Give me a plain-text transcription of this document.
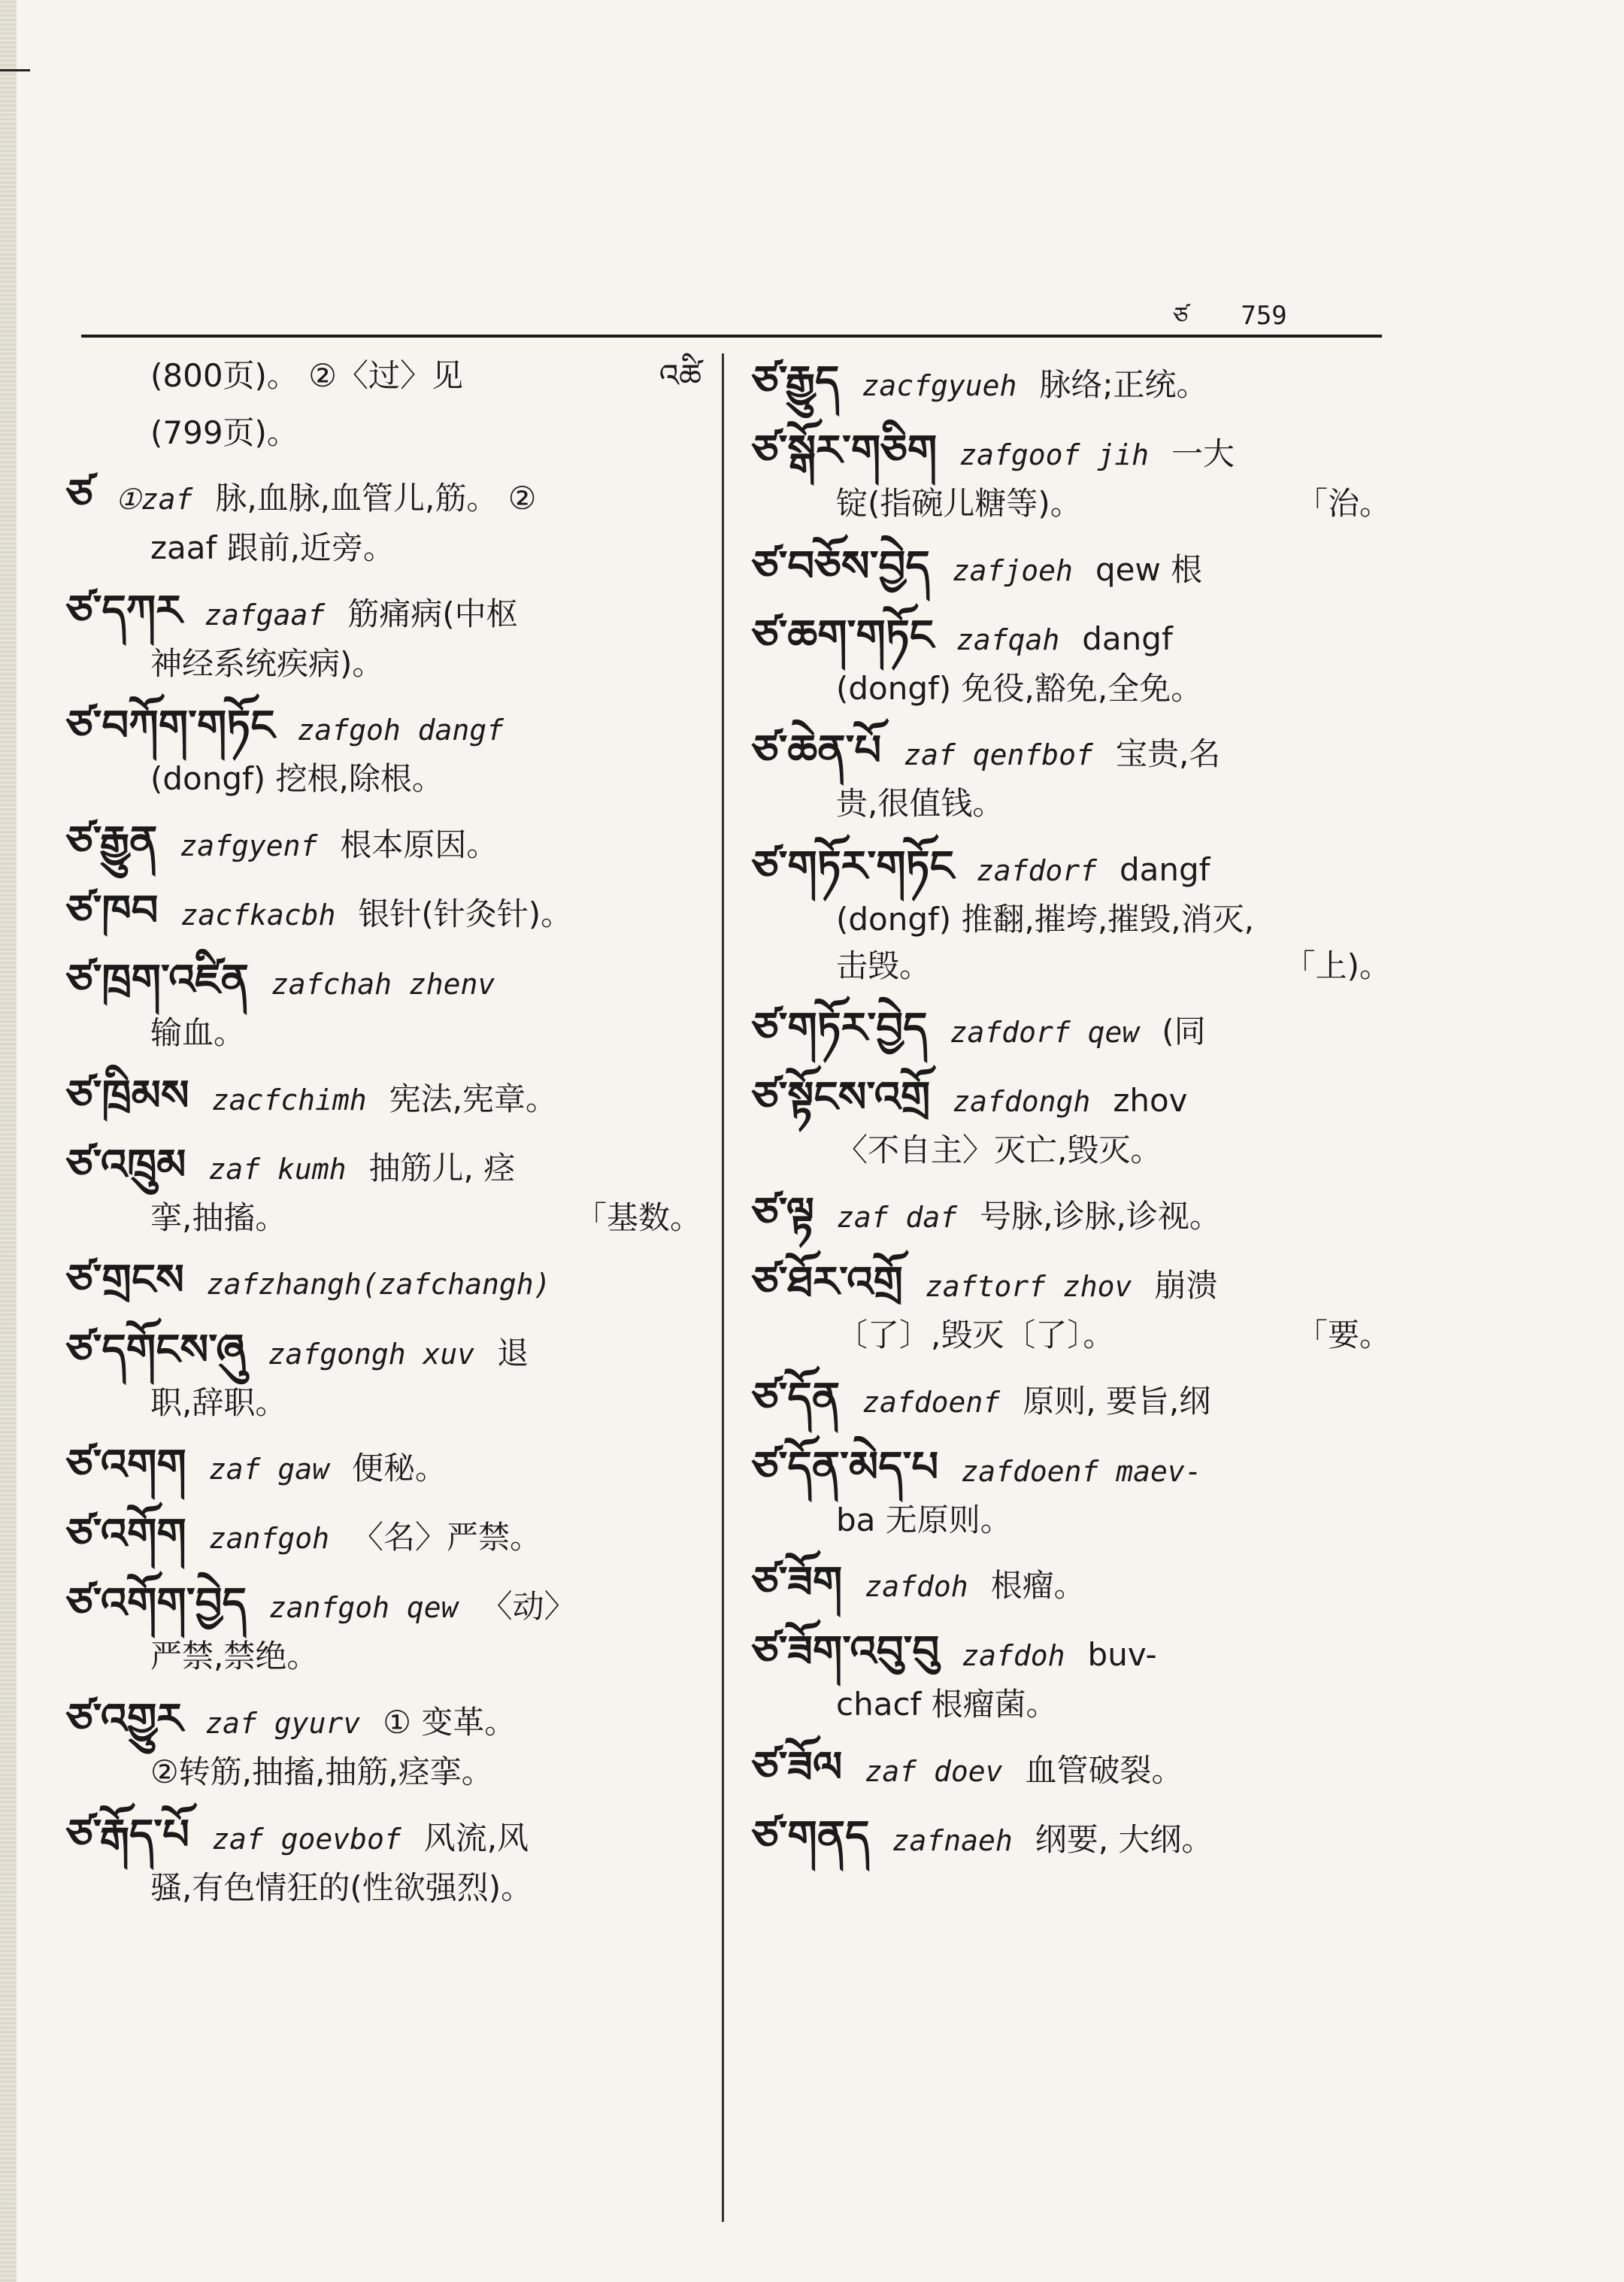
ཙ 759
(800页)。 ②〈过〉见	འཚི
(799页)。
ཙ ①zaf 脉,血脉,血管儿,筋。 ②
zaaf 跟前,近旁。
ཙ་དཀར zafgaaf 筋痛病(中枢
神经系统疾病)。
ཙ་བཀོག་གཏོང zafgoh dangf
(dongf) 挖根,除根。
ཙ་རྒྱུན zafgyenf 根本原因。
ཙ་ཁབ zacfkacbh 银针(针灸针)。
ཙ་ཁྲག་འཛིན zafchah zhenv
输血。
ཙ་ཁྲིམས zacfchimh 宪法,宪章。
ཙ་འཁྲུམ zaf kumh 抽筋儿, 痉
挛,抽搐。	「基数。
ཙ་གྲངས zafzhangh(zafchangh)
ཙ་དགོངས་ཞུ zafgongh xuv 退
职,辞职。
ཙ་འགག zaf gaw 便秘。
ཙ་འགོག zanfgoh 〈名〉严禁。
ཙ་འགོག་བྱེད zanfgoh qew 〈动〉
严禁,禁绝。
ཙ་འགྱུར zaf gyurv ① 变革。
②转筋,抽搐,抽筋,痉挛。
ཙ་རྒོད་པོ zaf goevbof 风流,风
骚,有色情狂的(性欲强烈)。
ཙ་རྒྱུད zacfgyueh 脉络;正统。
ཙ་སྒོར་གཅིག zafgoof jih 一大
锭(指碗儿糖等)。	「治。
ཙ་བཅོས་བྱེད zafjoeh qew 根
ཙ་ཆག་གཏོང zafqah dangf
(dongf) 免役,豁免,全免。
ཙ་ཆེན་པོ zaf qenfbof 宝贵,名
贵,很值钱。
ཙ་གཏོར་གཏོང zafdorf dangf
(dongf) 推翻,摧垮,摧毁,消灭,
击毁。	「上)。
ཙ་གཏོར་བྱེད zafdorf qew (同
ཙ་སྟོངས་འགྲོ zafdongh zhov
〈不自主〉灭亡,毁灭。
ཙ་ལྟ zaf daf 号脉,诊脉,诊视。
ཙ་ཐོར་འགྲོ zaftorf zhov 崩溃
〔了〕,毁灭〔了〕。	「要。
ཙ་དོན zafdoenf 原则, 要旨,纲
ཙ་དོན་མེད་པ zafdoenf maev-
ba 无原则。
ཙ་ཟོག zafdoh 根瘤。
ཙ་ཟོག་འབུ་བུ zafdoh buv-
chacf 根瘤菌。
ཙ་ཟོལ zaf doev 血管破裂。
ཙ་གནད zafnaeh 纲要, 大纲。
